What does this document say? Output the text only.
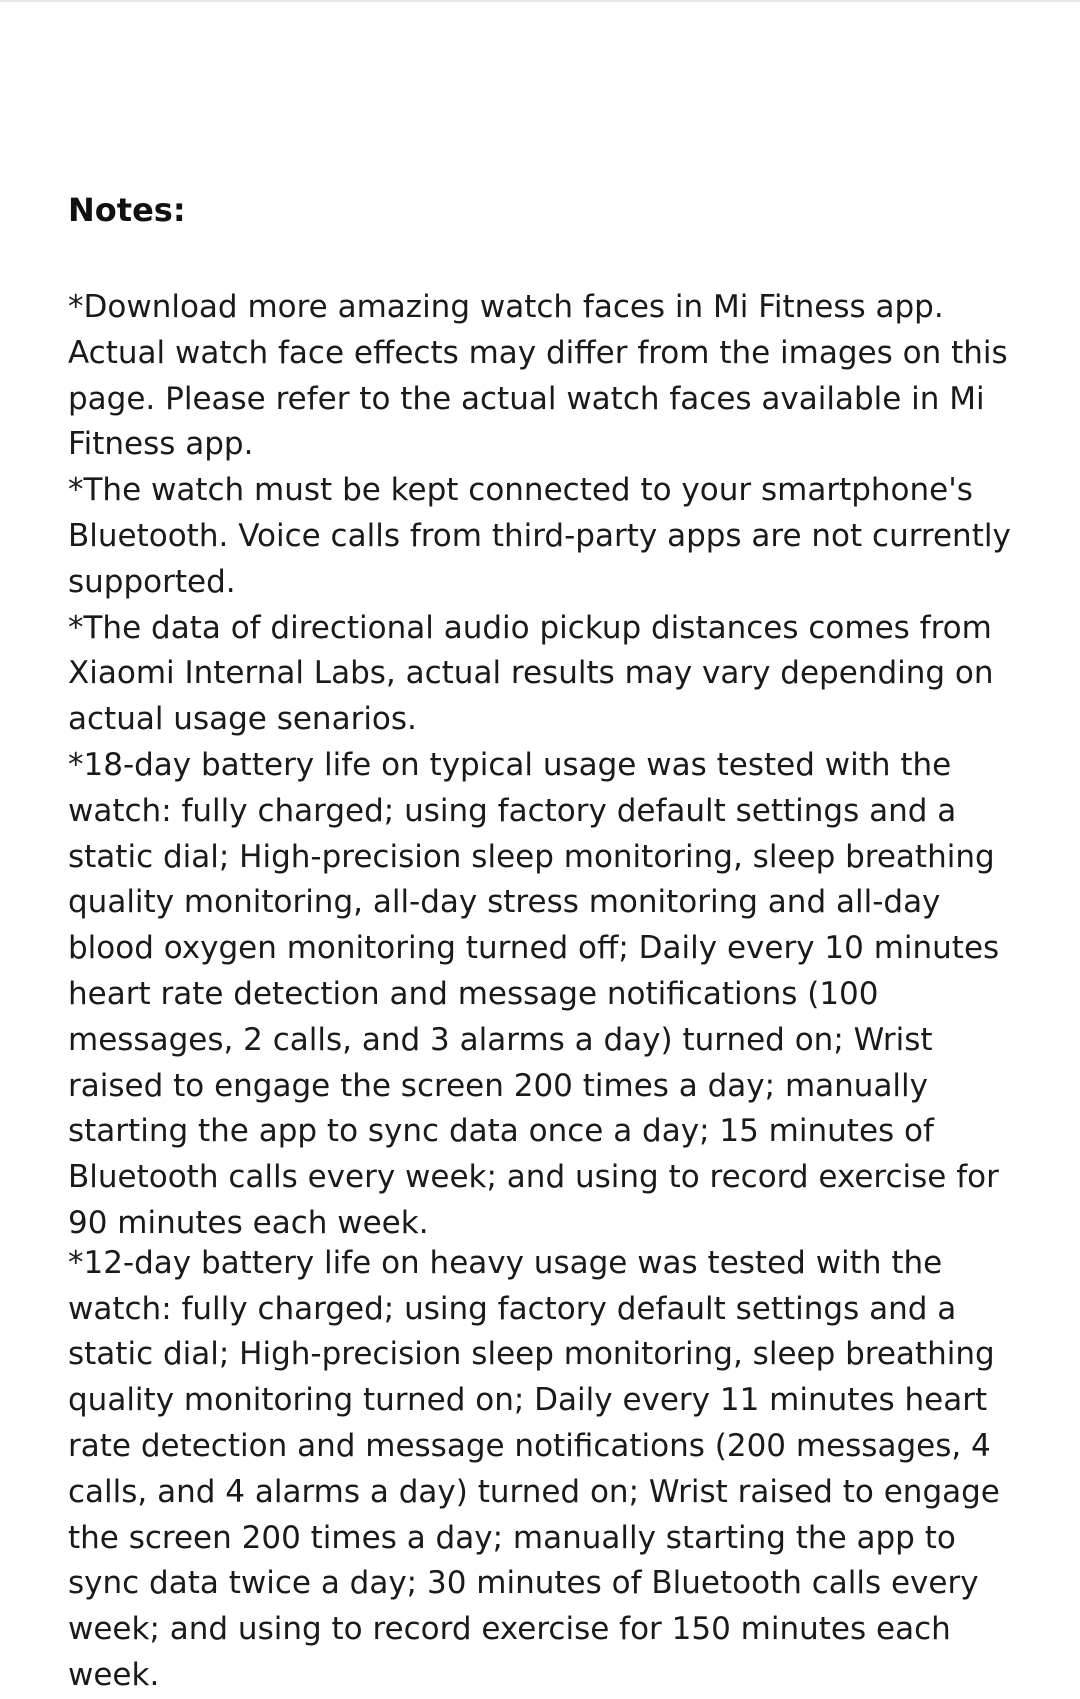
Notes:

*Download more amazing watch faces in Mi Fitness app. Actual watch face effects may differ from the images on this page. Please refer to the actual watch faces available in Mi Fitness app.

*The watch must be kept connected to your smartphone's Bluetooth. Voice calls from third-party apps are not currently supported.

*The data of directional audio pickup distances comes from Xiaomi Internal Labs, actual results may vary depending on actual usage senarios.

*18-day battery life on typical usage was tested with the watch: fully charged; using factory default settings and a static dial; High-precision sleep monitoring, sleep breathing quality monitoring, all-day stress monitoring and all-day blood oxygen monitoring turned off; Daily every 10 minutes heart rate detection and message notifications (100 messages, 2 calls, and 3 alarms a day) turned on; Wrist raised to engage the screen 200 times a day; manually starting the app to sync data once a day; 15 minutes of Bluetooth calls every week; and using to record exercise for 90 minutes each week.

*12-day battery life on heavy usage was tested with the watch: fully charged; using factory default settings and a static dial; High-precision sleep monitoring, sleep breathing quality monitoring turned on; Daily every 11 minutes heart rate detection and message notifications (200 messages, 4 calls, and 4 alarms a day) turned on; Wrist raised to engage the screen 200 times a day; manually starting the app to sync data twice a day; 30 minutes of Bluetooth calls every week; and using to record exercise for 150 minutes each week.
